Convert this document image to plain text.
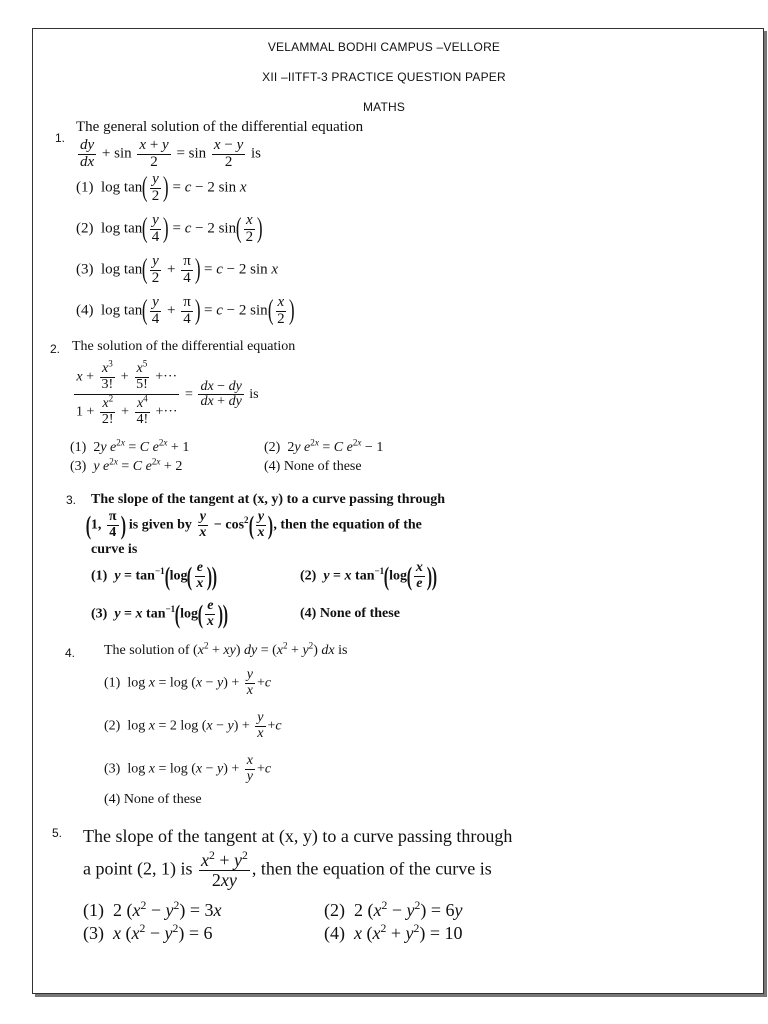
VELAMMAL BODHI CAMPUS –VELLORE
XII –IITFT-3 PRACTICE QUESTION PAPER
MATHS
1.
The general solution of the differential equation
$\frac{dy}{dx} + \sin \frac{x + y}{2} = \sin \frac{x - y}{2}$ is
(1)  $\log \tan( \frac{y}{2}$ ) = c − 2 sin x
(2)  $\log \tan( \frac{y}{4}$ ) = c − 2 $\sin( \frac{x}{2}$ )
(3)  $\log \tan( \frac{y}{2} + \frac{\pi}{4}$ ) = c − 2 sin x
(4)  $\log \tan( \frac{y}{4} + \frac{\pi}{4}$ ) = c − 2 $\sin( \frac{x}{2}$ )
2. The solution of the differential equation
$\frac{x + \frac{x^3}{3!} + \frac{x^5}{5!} +\cdot\cdot\cdot}{1 + \frac{x^2}{2!} + \frac{x^4}{4!} +\cdot\cdot\cdot} = \frac{dx - dy}{dx + dy}$ is
(1)  2y $e^{2x} = C$ $e^{2x} + 1$	(2)  2y $e^{2x} = C$ $e^{2x} - 1$
(3)  y $e^{2x} = C$ $e^{2x} + 2$	(4) None of these
3. The slope of the tangent at (x, y) to a curve passing through
(1, $\frac{\pi}{4}$ ) is given by $\frac{y}{x} - \cos^2( \frac{y}{x}$ ), then the equation of the
curve is
(1)  $y = \tan^{-1}(\log( \frac{e}{x}$ ))	(2)  y = x $\tan^{-1}(\log( \frac{x}{e}$ ))
(3)  y = x $\tan^{-1}(\log( \frac{e}{x}$ ))	(4) None of these
4. The solution of $(x^2 + xy)$ dy = $(x^2 + y^2)$ dx is
(1)  $\log x = \log (x - y) + \frac{y}{x} +c$
(2)  log x = 2 $\log (x - y) + \frac{y}{x} +c$
(3)  $\log x = \log (x - y) + \frac{x}{y} +c$
(4) None of these
5. The slope of the tangent at (x, y) to a curve passing through
a point (2, 1) is $\frac{x^2 + y^2}{2xy}$ , then the equation of the curve is
(1)  2 $(x^2 - y^2) = 3x$	(2)  2 $(x^2 - y^2) = 6y$
(3)  x $(x^2 - y^2) = 6$	(4)  x $(x^2 + y^2) = 10$
